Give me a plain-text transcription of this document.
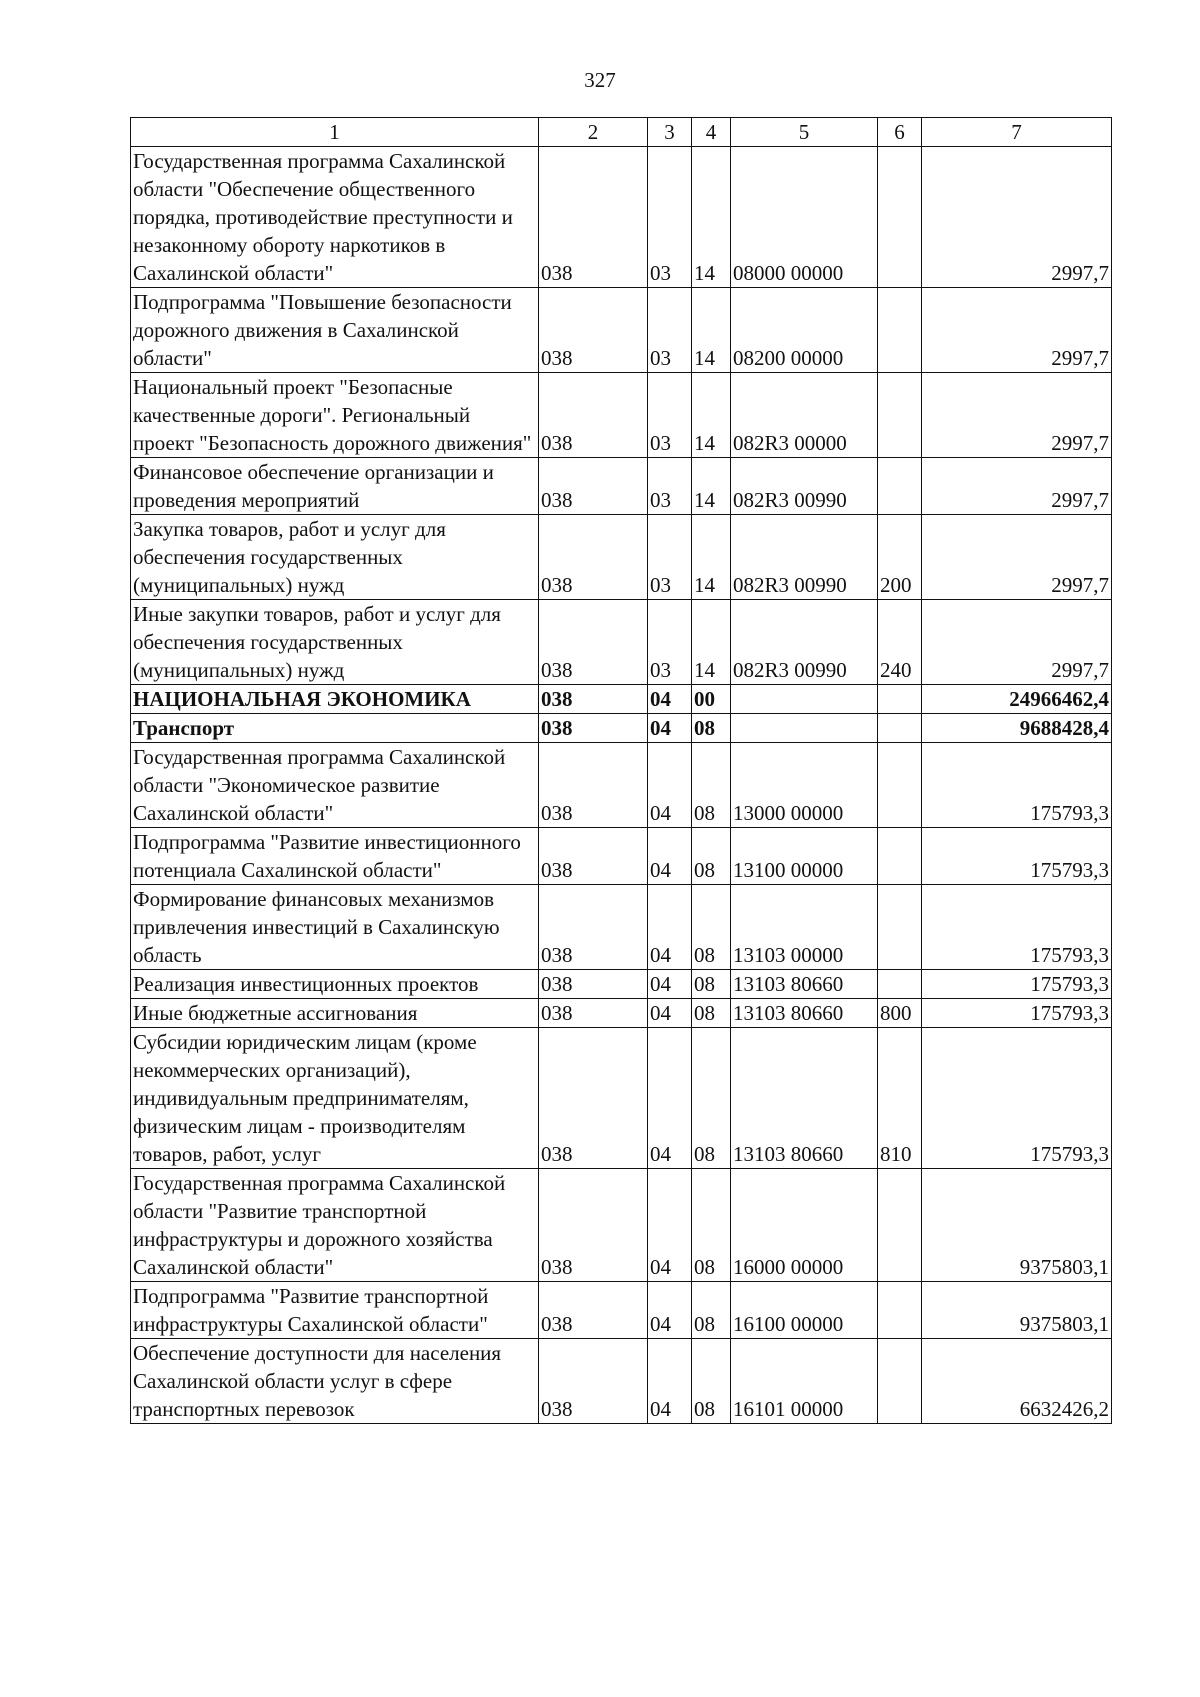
327
1	2	3	4	5	6	7
Государственная программа Сахалинской области "Обеспечение общественного порядка, противодействие преступности и незаконному обороту наркотиков в Сахалинской области"	038	03	14	08000 00000		2997,7
Подпрограмма "Повышение безопасности дорожного движения в Сахалинской области"	038	03	14	08200 00000		2997,7
Национальный проект "Безопасные качественные дороги". Региональный проект "Безопасность дорожного движения"	038	03	14	082R3 00000		2997,7
Финансовое обеспечение организации и проведения мероприятий	038	03	14	082R3 00990		2997,7
Закупка товаров, работ и услуг для обеспечения государственных (муниципальных) нужд	038	03	14	082R3 00990	200	2997,7
Иные закупки товаров, работ и услуг для обеспечения государственных (муниципальных) нужд	038	03	14	082R3 00990	240	2997,7
НАЦИОНАЛЬНАЯ ЭКОНОМИКА	038	04	00			24966462,4
Транспорт	038	04	08			9688428,4
Государственная программа Сахалинской области "Экономическое развитие Сахалинской области"	038	04	08	13000 00000		175793,3
Подпрограмма "Развитие инвестиционного потенциала Сахалинской области"	038	04	08	13100 00000		175793,3
Формирование финансовых механизмов привлечения инвестиций в Сахалинскую область	038	04	08	13103 00000		175793,3
Реализация инвестиционных проектов	038	04	08	13103 80660		175793,3
Иные бюджетные ассигнования	038	04	08	13103 80660	800	175793,3
Субсидии юридическим лицам (кроме некоммерческих организаций), индивидуальным предпринимателям, физическим лицам - производителям товаров, работ, услуг	038	04	08	13103 80660	810	175793,3
Государственная программа Сахалинской области "Развитие транспортной инфраструктуры и дорожного хозяйства Сахалинской области"	038	04	08	16000 00000		9375803,1
Подпрограмма "Развитие транспортной инфраструктуры Сахалинской области"	038	04	08	16100 00000		9375803,1
Обеспечение доступности для населения Сахалинской области услуг в сфере транспортных перевозок	038	04	08	16101 00000		6632426,2
